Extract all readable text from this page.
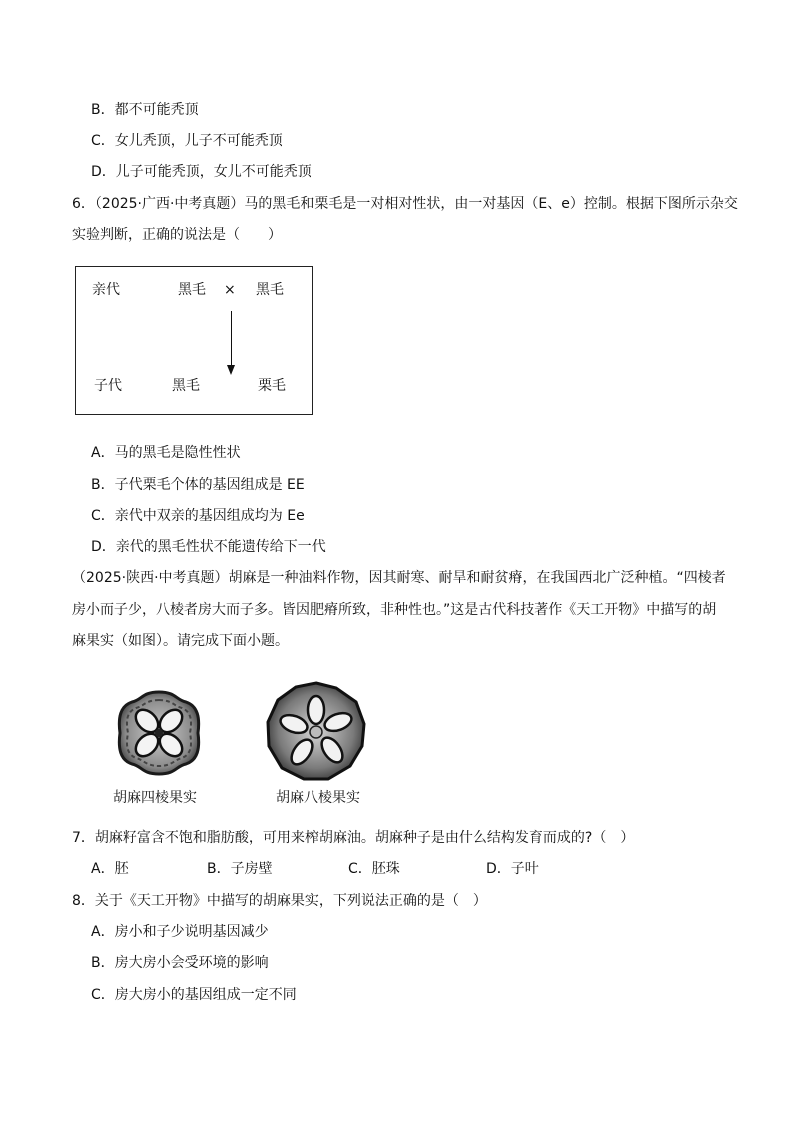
B．都不可能秃顶
C．女儿秃顶，儿子不可能秃顶
D．儿子可能秃顶，女儿不可能秃顶
6．（2025·广西·中考真题）马的黑毛和栗毛是一对相对性状，由一对基因（E、e）控制。根据下图所示杂交
实验判断，正确的说法是（　　）
亲代	黑毛 × 黑毛
子代	黑毛	栗毛
A．马的黑毛是隐性性状
B．子代栗毛个体的基因组成是 EE
C．亲代中双亲的基因组成均为 Ee
D．亲代的黑毛性状不能遗传给下一代
（2025·陕西·中考真题）胡麻是一种油料作物，因其耐寒、耐旱和耐贫瘠，在我国西北广泛种植。“四棱者
房小而子少，八棱者房大而子多。皆因肥瘠所致，非种性也。”这是古代科技著作《天工开物》中描写的胡
麻果实（如图）。请完成下面小题。
胡麻四棱果实	胡麻八棱果实
7．胡麻籽富含不饱和脂肪酸，可用来榨胡麻油。胡麻种子是由什么结构发育而成的?（　）
A．胚	B．子房壁	C．胚珠	D．子叶
8．关于《天工开物》中描写的胡麻果实，下列说法正确的是（　）
A．房小和子少说明基因减少
B．房大房小会受环境的影响
C．房大房小的基因组成一定不同
